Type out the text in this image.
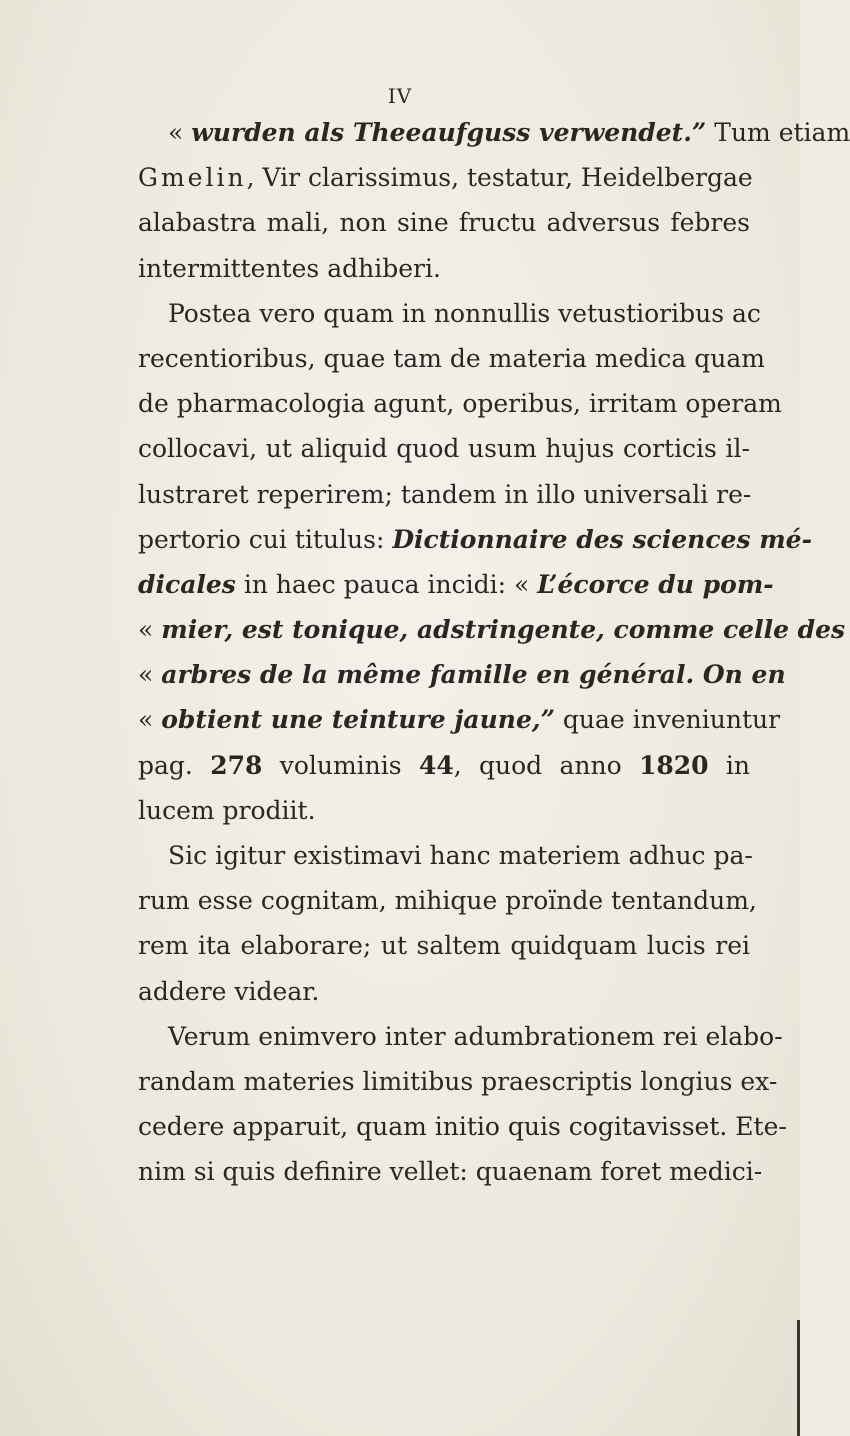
IV
« wurden als Theeaufguss verwendet.” Tum etiam
Gmelin, Vir clarissimus, testatur, Heidelbergae
alabastra mali, non sine fructu adversus febres
intermittentes adhiberi.
Postea vero quam in nonnullis vetustioribus ac
recentioribus, quae tam de materia medica quam
de pharmacologia agunt, operibus, irritam operam
collocavi, ut aliquid quod usum hujus corticis il-
lustraret reperirem; tandem in illo universali re-
pertorio cui titulus: Dictionnaire des sciences mé-
dicales in haec pauca incidi: « L’écorce du pom-
« mier, est tonique, adstringente, comme celle des
« arbres de la même famille en général. On en
« obtient une teinture jaune,” quae inveniuntur
pag. 278 voluminis 44, quod anno 1820 in
lucem prodiit.
Sic igitur existimavi hanc materiem adhuc pa-
rum esse cognitam, mihique proïnde tentandum,
rem ita elaborare; ut saltem quidquam lucis rei
addere videar.
Verum enimvero inter adumbrationem rei elabo-
randam materies limitibus praescriptis longius ex-
cedere apparuit, quam initio quis cogitavisset. Ete-
nim si quis definire vellet: quaenam foret medici-
